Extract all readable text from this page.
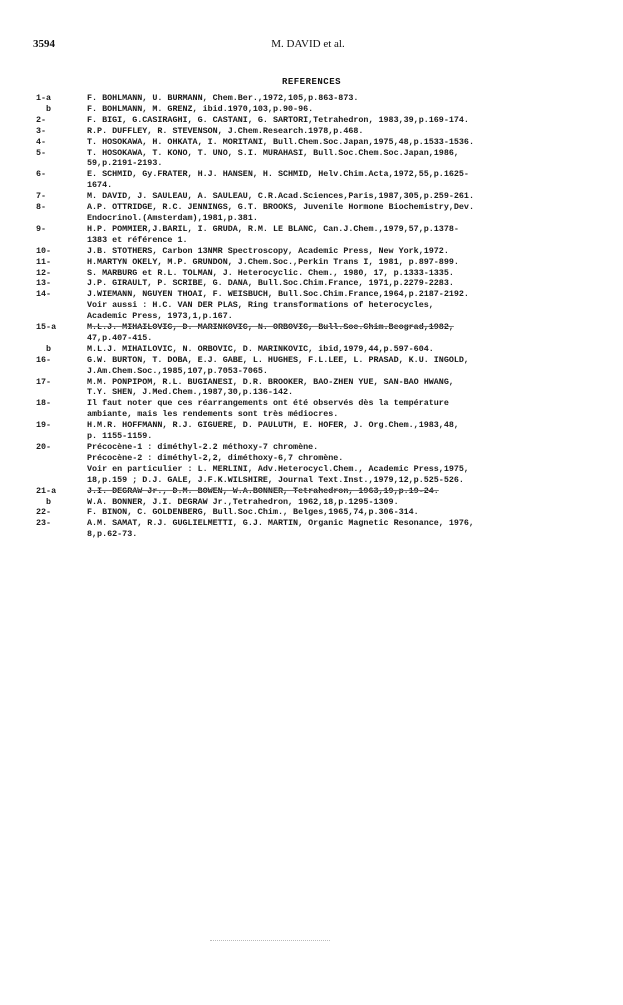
3594	M. DAVID et al.
REFERENCES
1-a	F. BOHLMANN, U. BURMANN, Chem.Ber.,1972,105,p.863-873.
b	F. BOHLMANN, M. GRENZ, ibid.1970,103,p.90-96.
2-	F. BIGI, G.CASIRAGHI, G. CASTANI, G. SARTORI,Tetrahedron, 1983,39,p.169-174.
3-	R.P. DUFFLEY, R. STEVENSON, J.Chem.Research.1978,p.468.
4-	T. HOSOKAWA, H. OHKATA, I. MORITANI, Bull.Chem.Soc.Japan,1975,48,p.1533-1536.
5-	T. HOSOKAWA, T. KONO, T. UNO, S.I. MURAHASI, Bull.Soc.Chem.Soc.Japan,1986,
59,p.2191-2193.
6-	E. SCHMID, Gy.FRATER, H.J. HANSEN, H. SCHMID, Helv.Chim.Acta,1972,55,p.1625-
1674.
7-	M. DAVID, J. SAULEAU, A. SAULEAU, C.R.Acad.Sciences,Paris,1987,305,p.259-261.
8-	A.P. OTTRIDGE, R.C. JENNINGS, G.T. BROOKS, Juvenile Hormone Biochemistry,Dev.
Endocrinol.(Amsterdam),1981,p.381.
9-	H.P. POMMIER,J.BARIL, I. GRUDA, R.M. LE BLANC, Can.J.Chem.,1979,57,p.1378-
1383 et référence 1.
10-	J.B. STOTHERS, Carbon 13NMR Spectroscopy, Academic Press, New York,1972.
11-	H.MARTYN OKELY, M.P. GRUNDON, J.Chem.Soc.,Perkin Trans I, 1981, p.897-899.
12-	S. MARBURG et R.L. TOLMAN, J. Heterocyclic. Chem., 1980, 17, p.1333-1335.
13-	J.P. GIRAULT, P. SCRIBE, G. DANA, Bull.Soc.Chim.France, 1971,p.2279-2283.
14-	J.WIEMANN, NGUYEN THOAI, F. WEISBUCH, Bull.Soc.Chim.France,1964,p.2187-2192.
Voir aussi : H.C. VAN DER PLAS, Ring transformations of heterocycles,
Academic Press, 1973,1,p.167.
15-a	M.L.J. MIHAILOVIC, D. MARINKOVIC, N. ORBOVIC, Bull.Soc.Chim.Beograd,1982,
47,p.407-415.
b	M.L.J. MIHAILOVIC, N. ORBOVIC, D. MARINKOVIC, ibid,1979,44,p.597-604.
16-	G.W. BURTON, T. DOBA, E.J. GABE, L. HUGHES, F.L.LEE, L. PRASAD, K.U. INGOLD,
J.Am.Chem.Soc.,1985,107,p.7053-7065.
17-	M.M. PONPIPOM, R.L. BUGIANESI, D.R. BROOKER, BAO-ZHEN YUE, SAN-BAO HWANG,
T.Y. SHEN, J.Med.Chem.,1987,30,p.136-142.
18-	Il faut noter que ces réarrangements ont été observés dès la température
ambiante, mais les rendements sont très médiocres.
19-	H.M.R. HOFFMANN, R.J. GIGUERE, D. PAULUTH, E. HOFER, J. Org.Chem.,1983,48,
p. 1155-1159.
20-	Précocène-1 : diméthyl-2.2 méthoxy-7 chromène.
Précocène-2 : diméthyl-2,2, diméthoxy-6,7 chromène.
Voir en particulier : L. MERLINI, Adv.Heterocycl.Chem., Academic Press,1975,
18,p.159 ; D.J. GALE, J.F.K.WILSHIRE, Journal Text.Inst.,1979,12,p.525-526.
21-a	J.I. DEGRAW Jr., D.M. BOWEN, W.A.BONNER, Tetrahedron, 1963,19,p.19-24.
b	W.A. BONNER, J.I. DEGRAW Jr.,Tetrahedron, 1962,18,p.1295-1309.
22-	F. BINON, C. GOLDENBERG, Bull.Soc.Chim., Belges,1965,74,p.306-314.
23-	A.M. SAMAT, R.J. GUGLIELMETTI, G.J. MARTIN, Organic Magnetic Resonance, 1976,
8,p.62-73.
